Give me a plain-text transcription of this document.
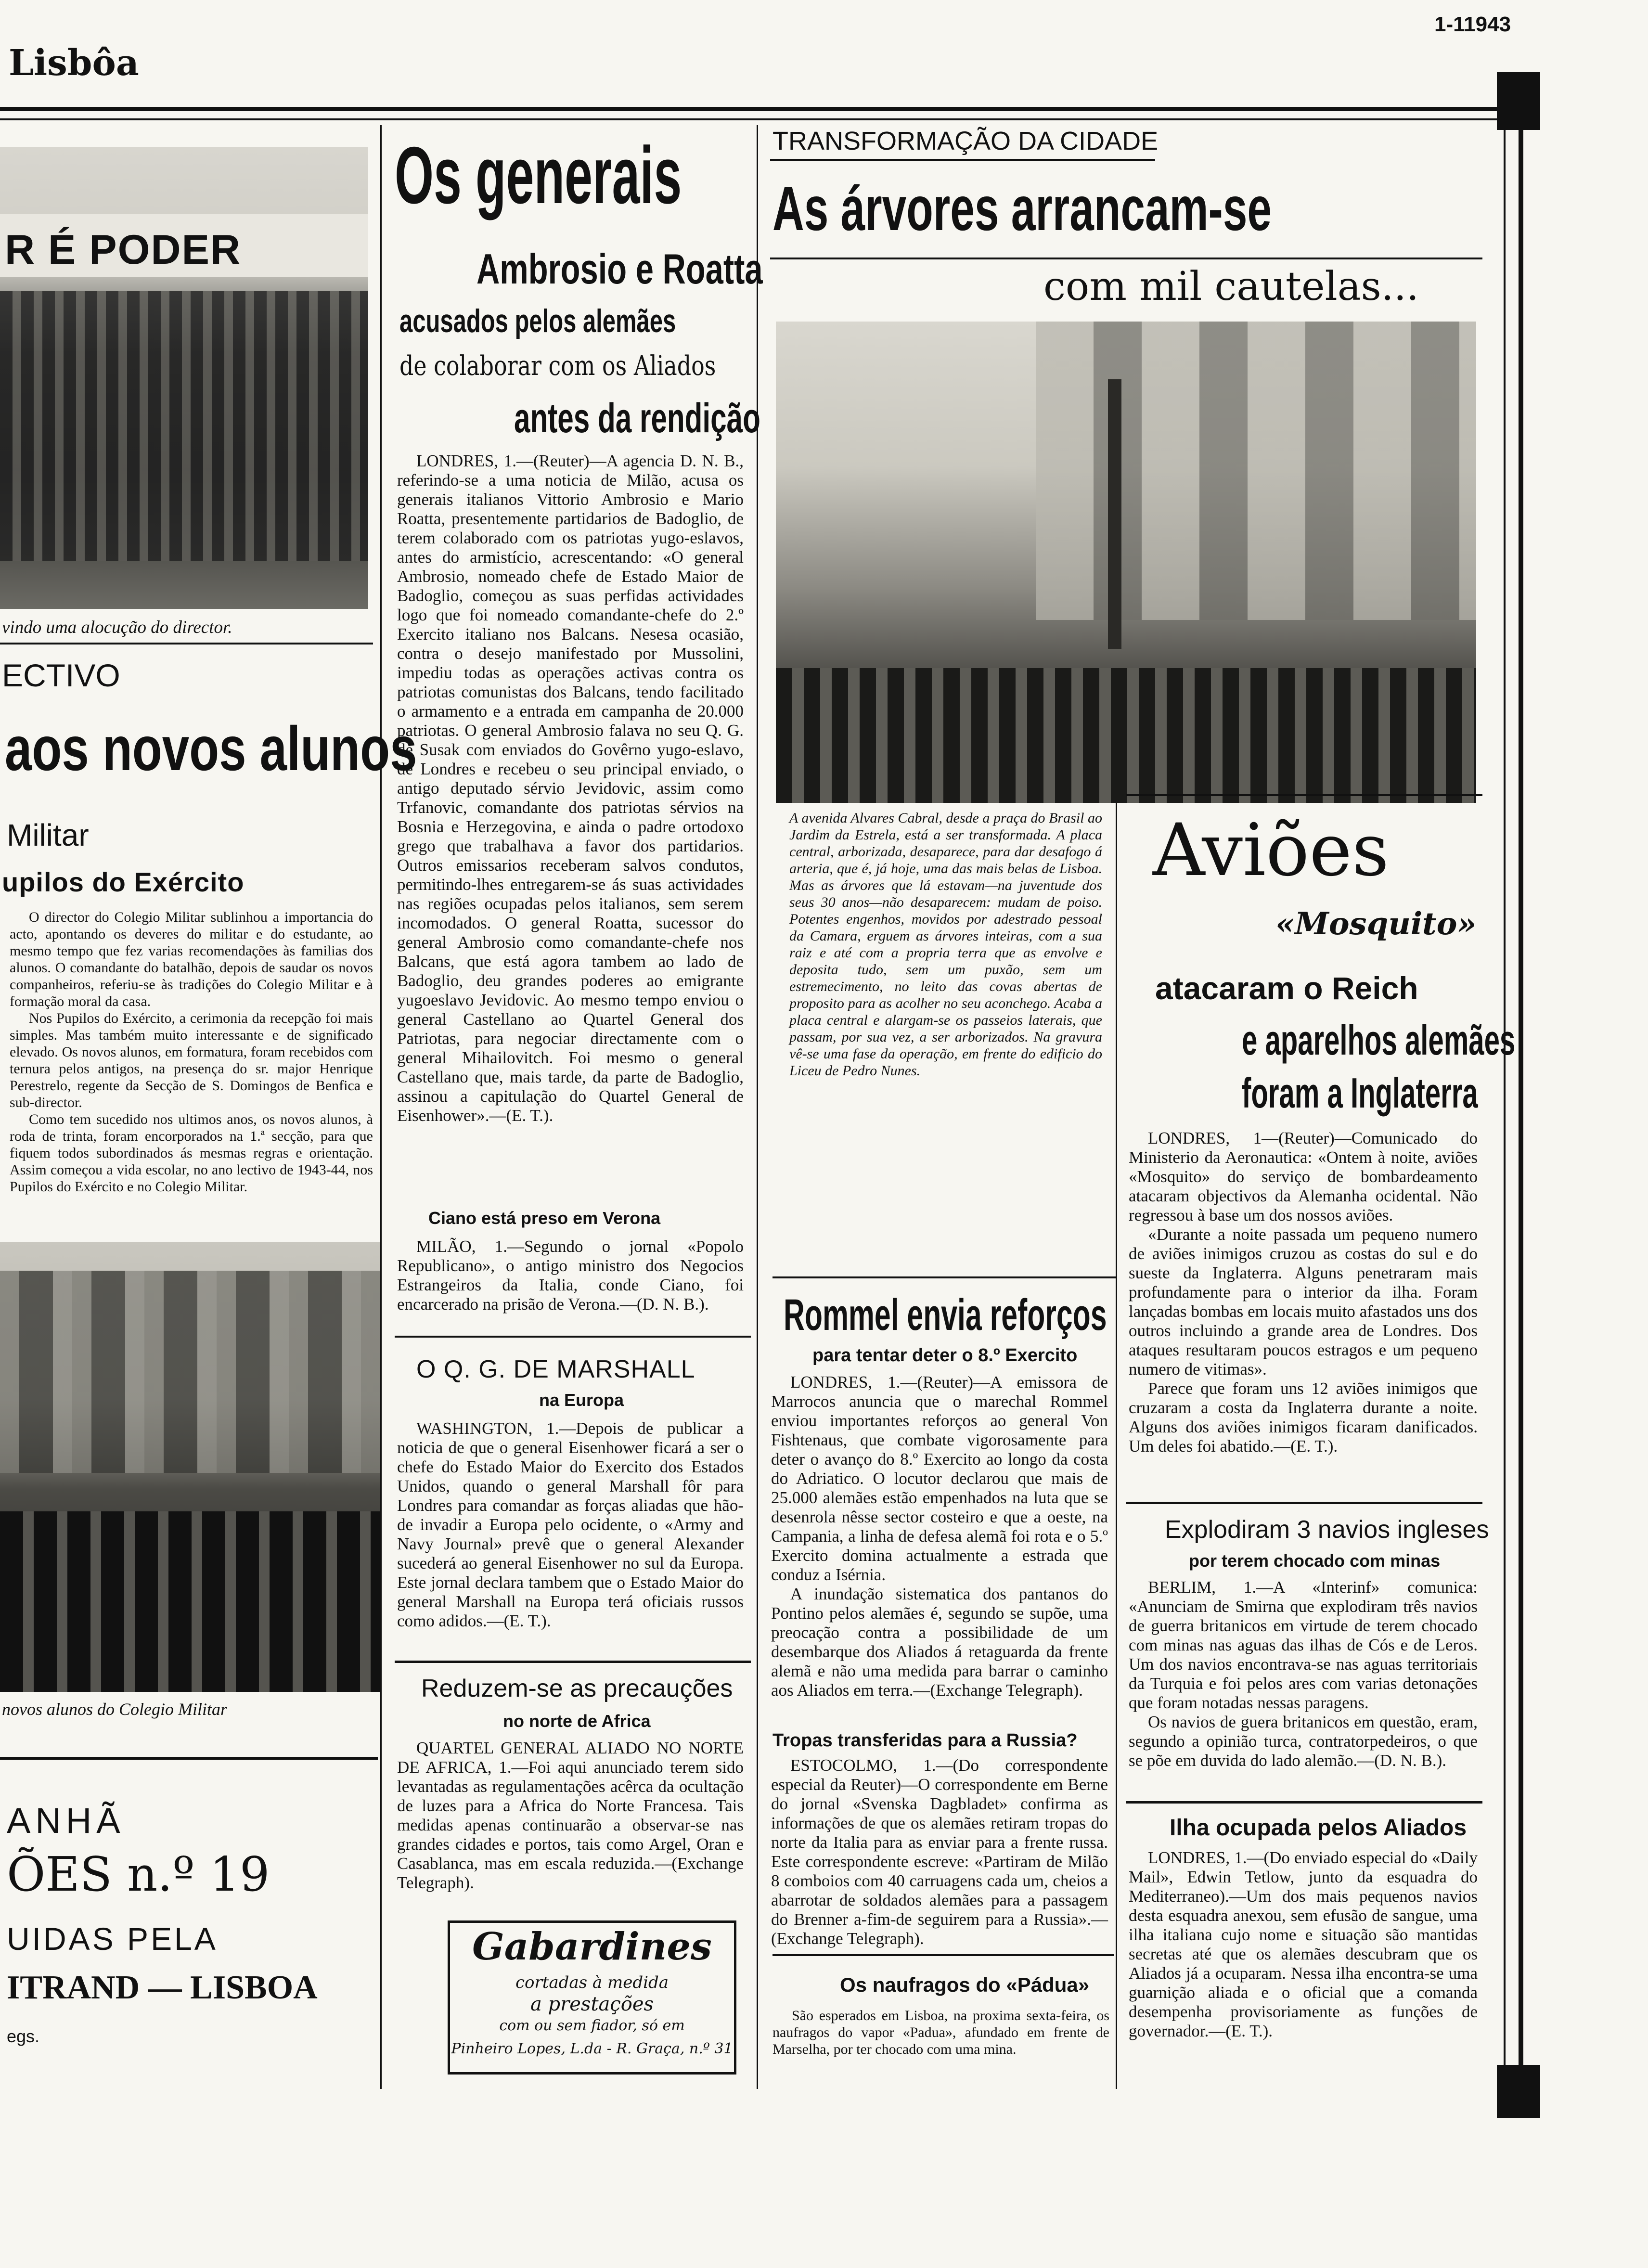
Lisbôa
1-11943
R É PODER
vindo uma alocução do director.
ECTIVO
aos novos alunos
Militar
upilos do Exército

O director do Colegio Militar sublinhou a importancia do acto, apontando os deveres do militar e do estudante, ao mesmo tempo que fez varias recomendações às familias dos alunos. O comandante do batalhão, depois de saudar os novos companheiros, referiu-se às tradições do Colegio Militar e à formação moral da casa.

Nos Pupilos do Exército, a cerimonia da recepção foi mais simples. Mas também muito interessante e de significado elevado. Os novos alunos, em formatura, foram recebidos com ternura pelos antigos, na presença do sr. major Henrique Perestrelo, regente da Secção de S. Domingos de Benfica e sub-director.

Como tem sucedido nos ultimos anos, os novos alunos, à roda de trinta, foram encorporados na 1.ª secção, para que fiquem todos subordinados ás mesmas regras e orientação. Assim começou a vida escolar, no ano lectivo de 1943-44, nos Pupilos do Exército e no Colegio Militar.

novos alunos do Colegio Militar
ANHÃ
ÕES n.º 19
UIDAS PELA
ITRAND — LISBOA
egs.
Os generais
Ambrosio e Roatta
acusados pelos alemães
de colaborar com os Aliados
antes da rendição

LONDRES, 1.—(Reuter)—A agencia D. N. B., referindo-se a uma noticia de Milão, acusa os generais italianos Vittorio Ambrosio e Mario Roatta, presentemente partidarios de Badoglio, de terem colaborado com os patriotas yugo-eslavos, antes do armistício, acrescentando: «O general Ambrosio, nomeado chefe de Estado Maior de Badoglio, começou as suas perfidas actividades logo que foi nomeado comandante-chefe do 2.º Exercito italiano nos Balcans. Nesesa ocasião, contra o desejo manifestado por Mussolini, impediu todas as operações activas contra os patriotas comunistas dos Balcans, tendo facilitado o armamento e a entrada em campanha de 20.000 patriotas. O general Ambrosio falava no seu Q. G. de Susak com enviados do Govêrno yugo-eslavo, de Londres e recebeu o seu principal enviado, o antigo deputado sérvio Jevidovic, assim como Trfanovic, comandante dos patriotas sérvios na Bosnia e Herzegovina, e ainda o padre ortodoxo grego que trabalhava a favor dos partidarios. Outros emissarios receberam salvos condutos, permitindo-lhes entregarem-se ás suas actividades nas regiões ocupadas pelos italianos, sem serem incomodados. O general Roatta, sucessor do general Ambrosio como comandante-chefe nos Balcans, que está agora tambem ao lado de Badoglio, deu grandes poderes ao emigrante yugoeslavo Jevidovic. Ao mesmo tempo enviou o general Castellano ao Quartel General dos Patriotas, para negociar directamente com o general Mihailovitch. Foi mesmo o general Castellano que, mais tarde, da parte de Badoglio, assinou a capitulação do Quartel General de Eisenhower».—(E. T.).

Ciano está preso em Verona

MILÃO, 1.—Segundo o jornal «Popolo Republicano», o antigo ministro dos Negocios Estrangeiros da Italia, conde Ciano, foi encarcerado na prisão de Verona.—(D. N. B.).

O Q. G. DE MARSHALL
na Europa

WASHINGTON, 1.—Depois de publicar a noticia de que o general Eisenhower ficará a ser o chefe do Estado Maior do Exercito dos Estados Unidos, quando o general Marshall fôr para Londres para comandar as forças aliadas que hão-de invadir a Europa pelo ocidente, o «Army and Navy Journal» prevê que o general Alexander sucederá ao general Eisenhower no sul da Europa. Este jornal declara tambem que o Estado Maior do general Marshall na Europa terá oficiais russos como adidos.—(E. T.).

Reduzem-se as precauções
no norte de Africa

QUARTEL GENERAL ALIADO NO NORTE DE AFRICA, 1.—Foi aqui anunciado terem sido levantadas as regulamentações acêrca da ocultação de luzes para a Africa do Norte Francesa. Tais medidas apenas continuarão a observar-se nas grandes cidades e portos, tais como Argel, Oran e Casablanca, mas em escala reduzida.—(Exchange Telegraph).

Gabardines
cortadas à medida
a prestações
com ou sem fiador, só em
Pinheiro Lopes, L.da - R. Graça, n.º 31
TRANSFORMAÇÃO DA CIDADE
As árvores arrancam-se
com mil cautelas...

A avenida Alvares Cabral, desde a praça do Brasil ao Jardim da Estrela, está a ser transformada. A placa central, arborizada, desaparece, para dar desafogo á arteria, que é, já hoje, uma das mais belas de Lisboa. Mas as árvores que lá estavam—na juventude dos seus 30 anos—não desaparecem: mudam de poiso. Potentes engenhos, movidos por adestrado pessoal da Camara, erguem as árvores inteiras, com a sua raiz e até com a propria terra que as envolve e deposita tudo, sem um puxão, sem um estremecimento, no leito das covas abertas de proposito para as acolher no seu aconchego. Acaba a placa central e alargam-se os passeios laterais, que passam, por sua vez, a ser arborizados. Na gravura vê-se uma fase da operação, em frente do edificio do Liceu de Pedro Nunes.

Rommel envia reforços
para tentar deter o 8.º Exercito

LONDRES, 1.—(Reuter)—A emissora de Marrocos anuncia que o marechal Rommel enviou importantes reforços ao general Von Fishtenaus, que combate vigorosamente para deter o avanço do 8.º Exercito ao longo da costa do Adriatico. O locutor declarou que mais de 25.000 alemães estão empenhados na luta que se desenrola nêsse sector costeiro e que a oeste, na Campania, a linha de defesa alemã foi rota e o 5.º Exercito domina actualmente a estrada que conduz a Isérnia.

A inundação sistematica dos pantanos do Pontino pelos alemães é, segundo se supõe, uma preocação contra a possibilidade de um desembarque dos Aliados á retaguarda da frente alemã e não uma medida para barrar o caminho aos Aliados em terra.—(Exchange Telegraph).

Tropas transferidas para a Russia?

ESTOCOLMO, 1.—(Do correspondente especial da Reuter)—O correspondente em Berne do jornal «Svenska Dagbladet» confirma as informações de que os alemães retiram tropas do norte da Italia para as enviar para a frente russa. Este correspondente escreve: «Partiram de Milão 8 comboios com 40 carruagens cada um, cheios a abarrotar de soldados alemães para a passagem do Brenner a-fim-de seguirem para a Russia».—(Exchange Telegraph).

Os naufragos do «Pádua»

São esperados em Lisboa, na proxima sexta-feira, os naufragos do vapor «Padua», afundado em frente de Marselha, por ter chocado com uma mina.

Aviões
«Mosquito»
atacaram o Reich
e aparelhos alemães
foram a Inglaterra

LONDRES, 1—(Reuter)—Comunicado do Ministerio da Aeronautica: «Ontem à noite, aviões «Mosquito» do serviço de bombardeamento atacaram objectivos da Alemanha ocidental. Não regressou à base um dos nossos aviões.

«Durante a noite passada um pequeno numero de aviões inimigos cruzou as costas do sul e do sueste da Inglaterra. Alguns penetraram mais profundamente para o interior da ilha. Foram lançadas bombas em locais muito afastados uns dos outros incluindo a grande area de Londres. Dos ataques resultaram poucos estragos e um pequeno numero de vitimas».

Parece que foram uns 12 aviões inimigos que cruzaram a costa da Inglaterra durante a noite. Alguns dos aviões inimigos ficaram danificados. Um deles foi abatido.—(E. T.).

Explodiram 3 navios ingleses
por terem chocado com minas

BERLIM, 1.—A «Interinf» comunica: «Anunciam de Smirna que explodiram três navios de guerra britanicos em virtude de terem chocado com minas nas aguas das ilhas de Cós e de Leros. Um dos navios encontrava-se nas aguas territoriais da Turquia e foi pelos ares com varias detonações que foram notadas nessas paragens.

Os navios de guera britanicos em questão, eram, segundo a opinião turca, contratorpedeiros, o que se põe em duvida do lado alemão.—(D. N. B.).

Ilha ocupada pelos Aliados

LONDRES, 1.—(Do enviado especial do «Daily Mail», Edwin Tetlow, junto da esquadra do Mediterraneo).—Um dos mais pequenos navios desta esquadra anexou, sem efusão de sangue, uma ilha italiana cujo nome e situação são mantidas secretas até que os alemães descubram que os Aliados já a ocuparam. Nessa ilha encontra-se uma guarnição aliada e o oficial que a comanda desempenha provisoriamente as funções de governador.—(E. T.).
